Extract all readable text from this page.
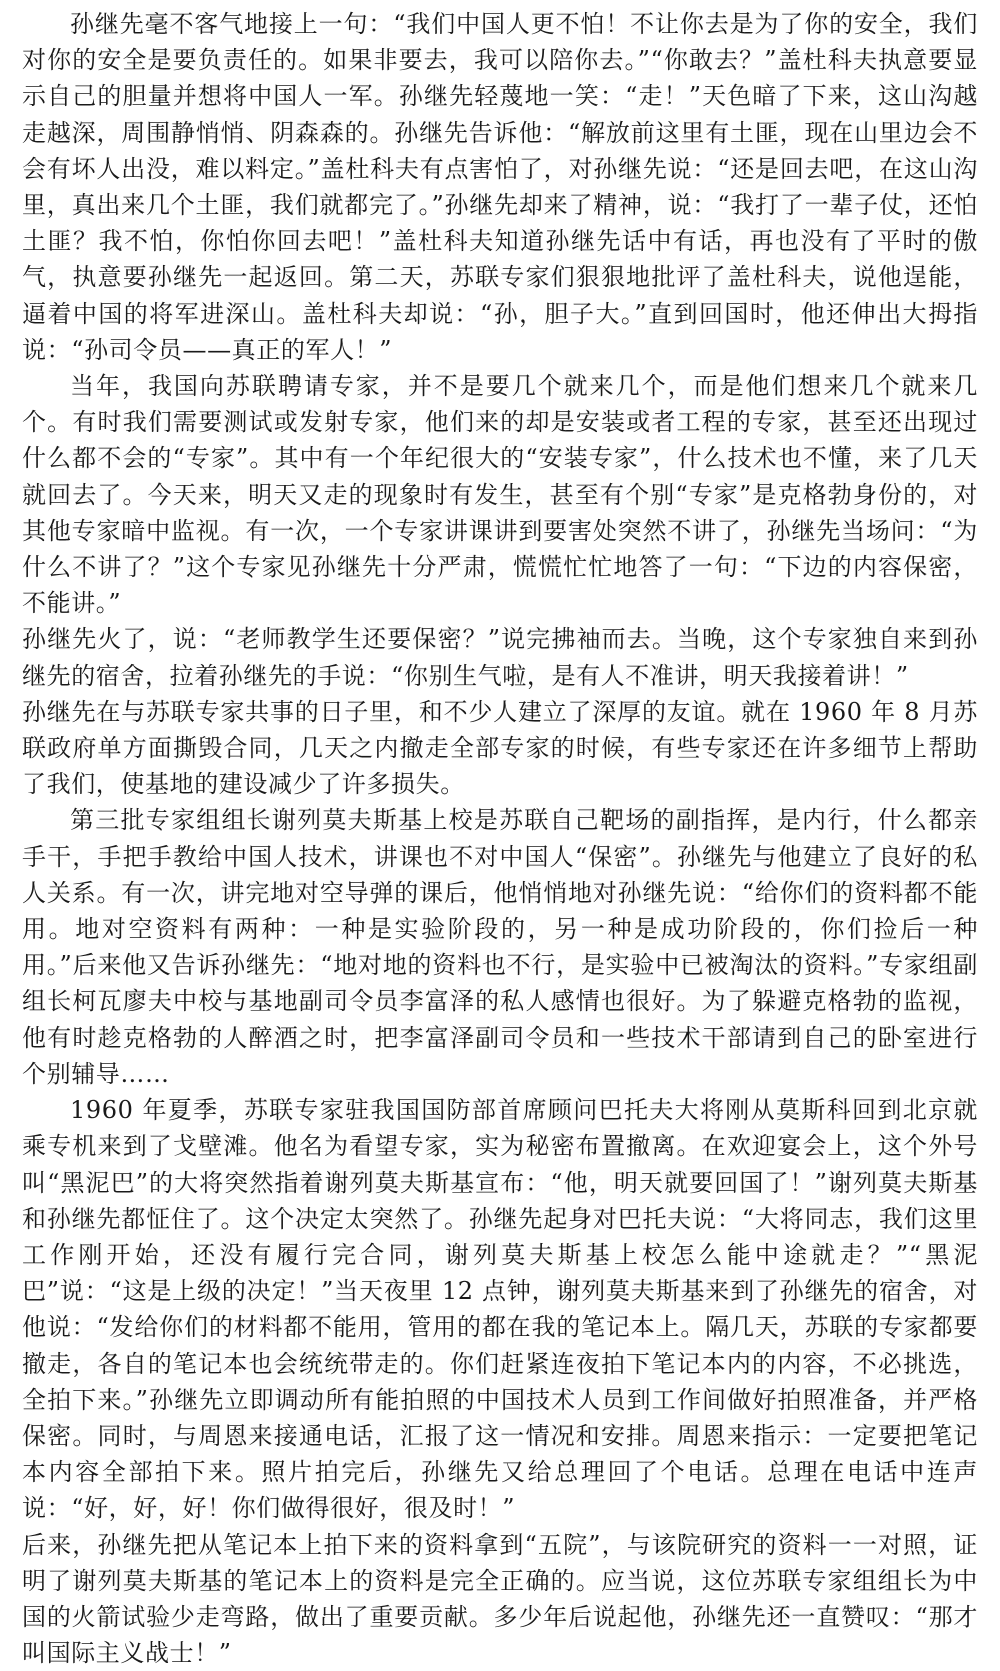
孙继先毫不客气地接上一句：“我们中国人更不怕！不让你去是为了你的安全，我们对你的安全是要负责任的。如果非要去，我可以陪你去。”“你敢去？”盖杜科夫执意要显示自己的胆量并想将中国人一军。孙继先轻蔑地一笑：“走！”天色暗了下来，这山沟越走越深，周围静悄悄、阴森森的。孙继先告诉他：“解放前这里有土匪，现在山里边会不会有坏人出没，难以料定。”盖杜科夫有点害怕了，对孙继先说：“还是回去吧，在这山沟里，真出来几个土匪，我们就都完了。”孙继先却来了精神，说：“我打了一辈子仗，还怕土匪？我不怕，你怕你回去吧！”盖杜科夫知道孙继先话中有话，再也没有了平时的傲气，执意要孙继先一起返回。第二天，苏联专家们狠狠地批评了盖杜科夫，说他逞能，逼着中国的将军进深山。盖杜科夫却说：“孙，胆子大。”直到回国时，他还伸出大拇指说：“孙司令员——真正的军人！”

当年，我国向苏联聘请专家，并不是要几个就来几个，而是他们想来几个就来几个。有时我们需要测试或发射专家，他们来的却是安装或者工程的专家，甚至还出现过什么都不会的“专家”。其中有一个年纪很大的“安装专家”，什么技术也不懂，来了几天就回去了。今天来，明天又走的现象时有发生，甚至有个别“专家”是克格勃身份的，对其他专家暗中监视。有一次，一个专家讲课讲到要害处突然不讲了，孙继先当场问：“为什么不讲了？”这个专家见孙继先十分严肃，慌慌忙忙地答了一句：“下边的内容保密，不能讲。”

孙继先火了，说：“老师教学生还要保密？”说完拂袖而去。当晚，这个专家独自来到孙继先的宿舍，拉着孙继先的手说：“你别生气啦，是有人不准讲，明天我接着讲！”

孙继先在与苏联专家共事的日子里，和不少人建立了深厚的友谊。就在 1960 年 8 月苏联政府单方面撕毁合同，几天之内撤走全部专家的时候，有些专家还在许多细节上帮助了我们，使基地的建设减少了许多损失。

第三批专家组组长谢列莫夫斯基上校是苏联自己靶场的副指挥，是内行，什么都亲手干，手把手教给中国人技术，讲课也不对中国人“保密”。孙继先与他建立了良好的私人关系。有一次，讲完地对空导弹的课后，他悄悄地对孙继先说：“给你们的资料都不能用。地对空资料有两种：一种是实验阶段的，另一种是成功阶段的，你们捡后一种用。”后来他又告诉孙继先：“地对地的资料也不行，是实验中已被淘汰的资料。”专家组副组长柯瓦廖夫中校与基地副司令员李富泽的私人感情也很好。为了躲避克格勃的监视，他有时趁克格勃的人醉酒之时，把李富泽副司令员和一些技术干部请到自己的卧室进行个别辅导……

1960 年夏季，苏联专家驻我国国防部首席顾问巴托夫大将刚从莫斯科回到北京就乘专机来到了戈壁滩。他名为看望专家，实为秘密布置撤离。在欢迎宴会上，这个外号叫“黑泥巴”的大将突然指着谢列莫夫斯基宣布：“他，明天就要回国了！”谢列莫夫斯基和孙继先都怔住了。这个决定太突然了。孙继先起身对巴托夫说：“大将同志，我们这里工作刚开始，还没有履行完合同，谢列莫夫斯基上校怎么能中途就走？”“黑泥巴”说：“这是上级的决定！”当天夜里 12 点钟，谢列莫夫斯基来到了孙继先的宿舍，对他说：“发给你们的材料都不能用，管用的都在我的笔记本上。隔几天，苏联的专家都要撤走，各自的笔记本也会统统带走的。你们赶紧连夜拍下笔记本内的内容，不必挑选，全拍下来。”孙继先立即调动所有能拍照的中国技术人员到工作间做好拍照准备，并严格保密。同时，与周恩来接通电话，汇报了这一情况和安排。周恩来指示：一定要把笔记本内容全部拍下来。照片拍完后，孙继先又给总理回了个电话。总理在电话中连声说：“好，好，好！你们做得很好，很及时！”

后来，孙继先把从笔记本上拍下来的资料拿到“五院”，与该院研究的资料一一对照，证明了谢列莫夫斯基的笔记本上的资料是完全正确的。应当说，这位苏联专家组组长为中国的火箭试验少走弯路，做出了重要贡献。多少年后说起他，孙继先还一直赞叹：“那才叫国际主义战士！”
